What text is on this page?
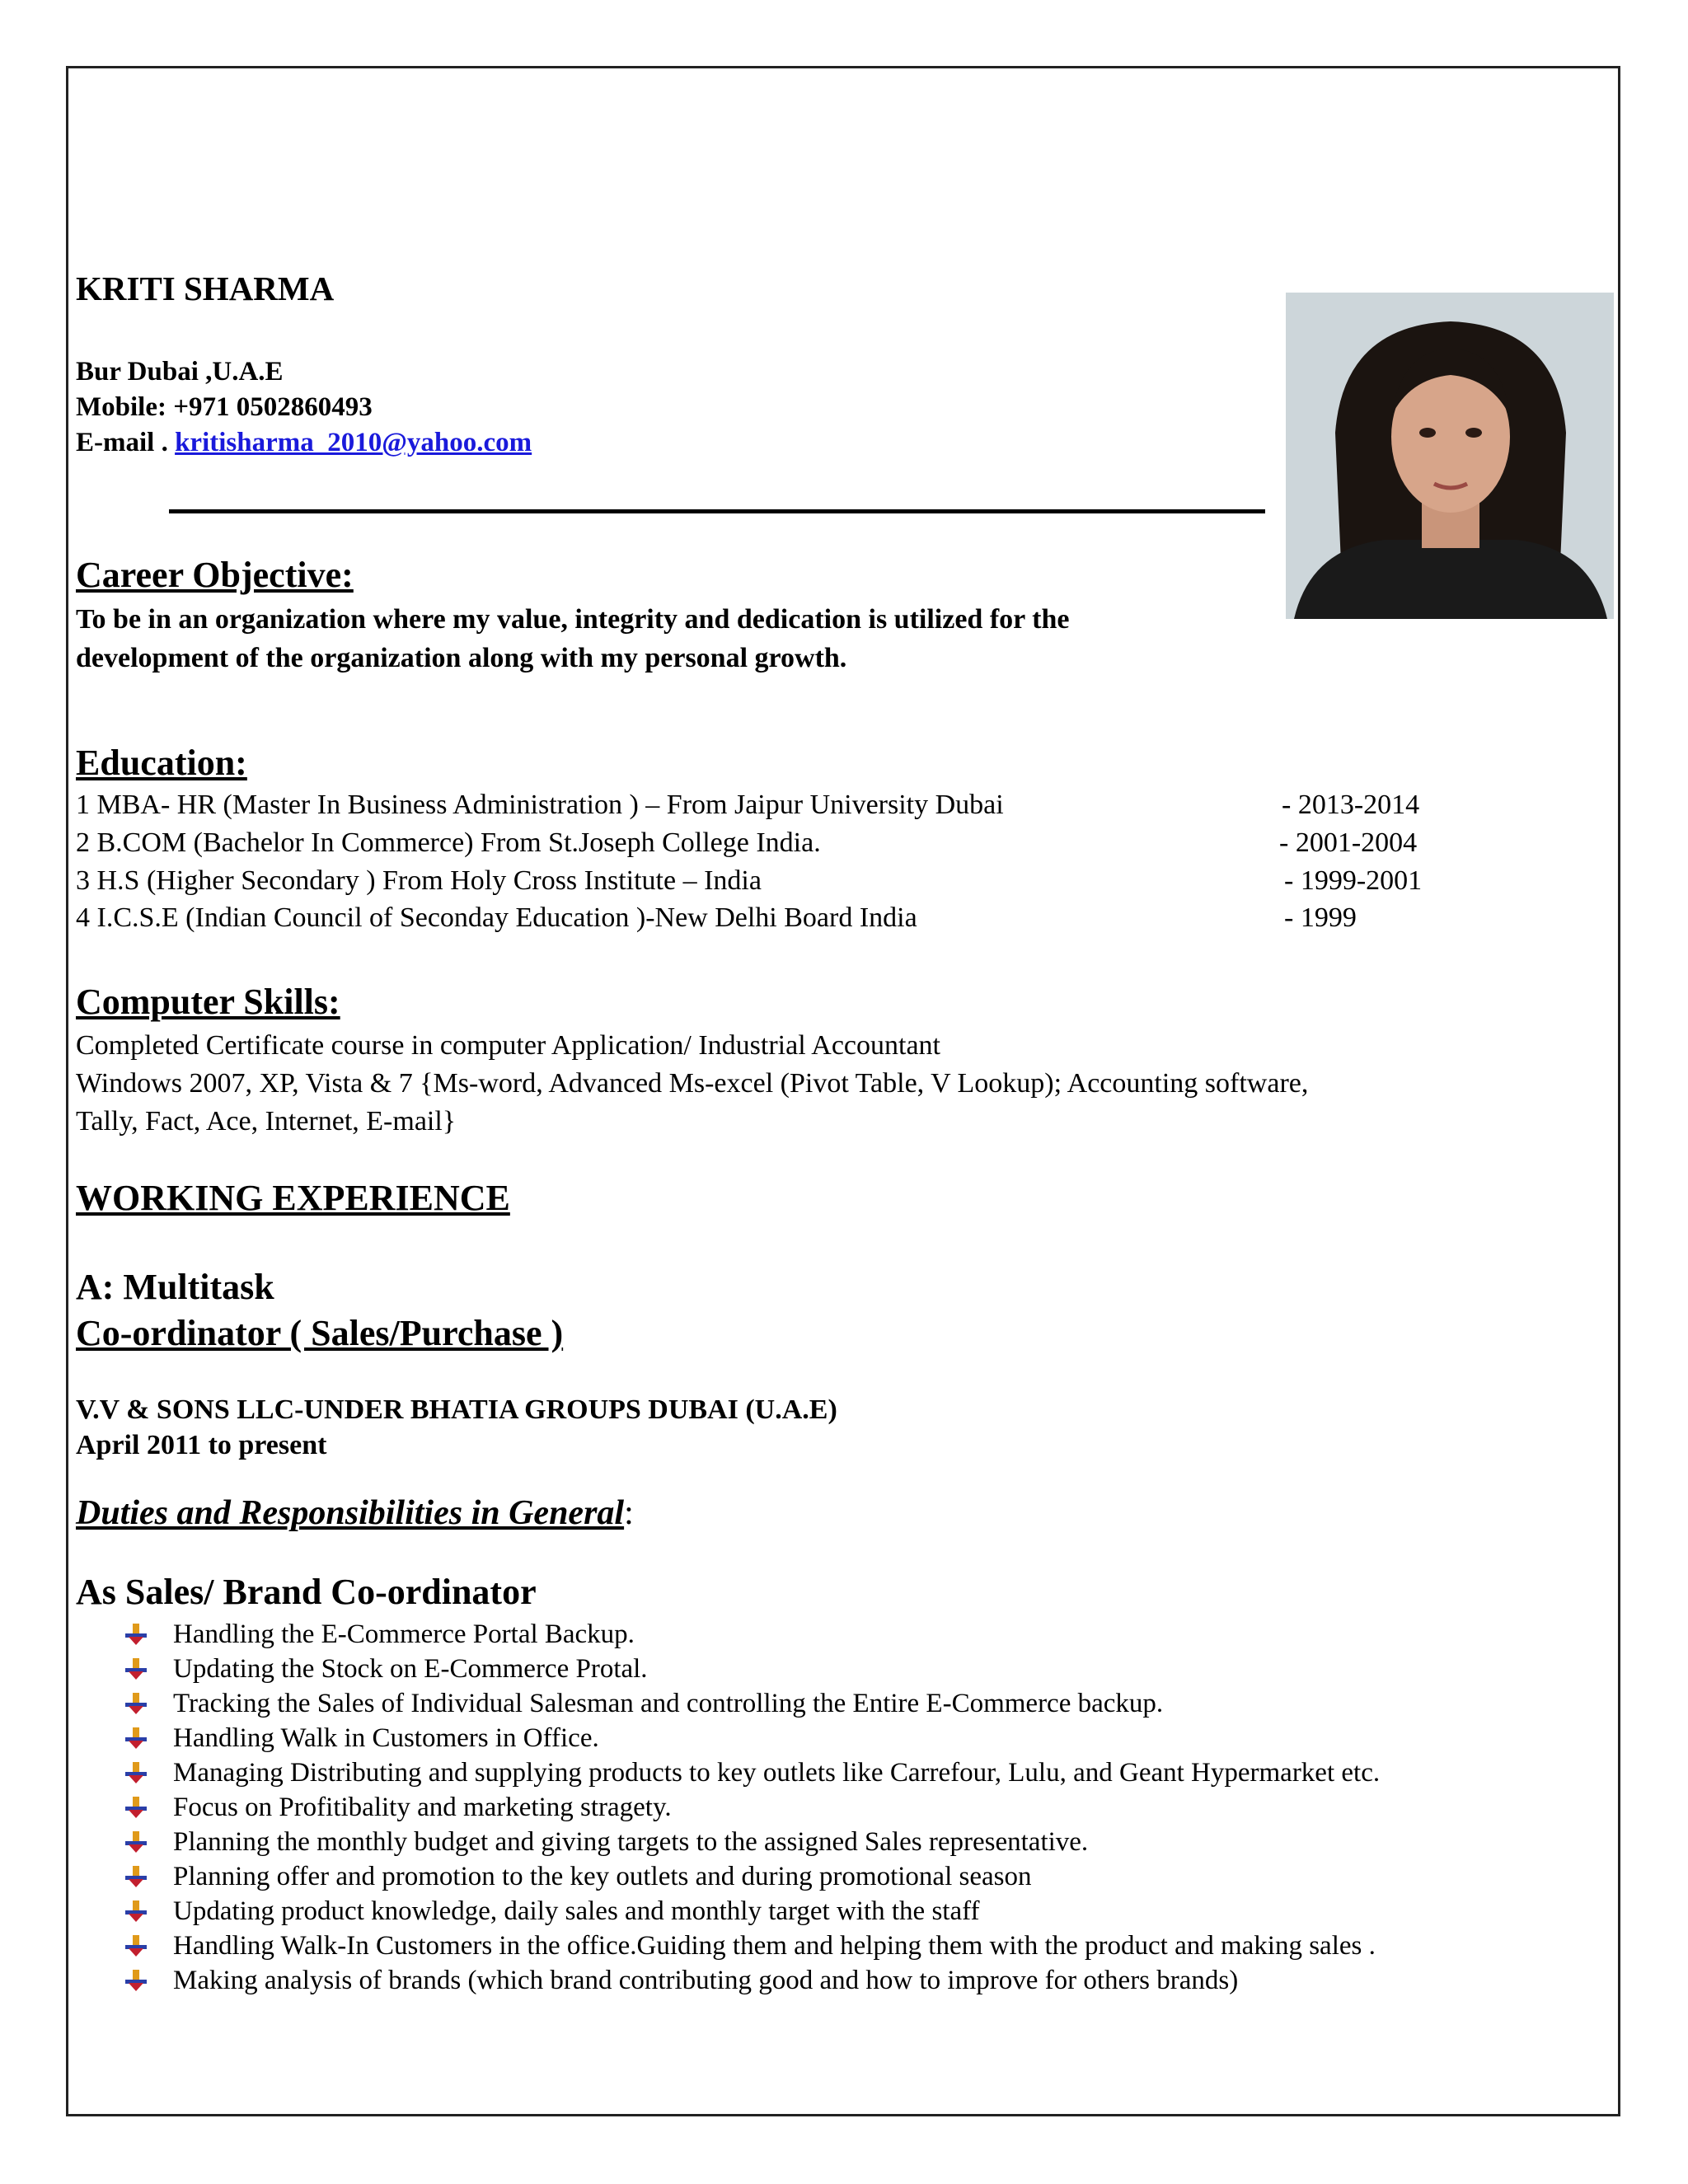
KRITI SHARMA
Bur Dubai ,U.A.E
Mobile: +971 0502860493
E-mail . kritisharma_2010@yahoo.com
Career Objective:
To be in an organization where my value, integrity and dedication is utilized for the
development of the organization along with my personal growth.
Education:
1 MBA- HR (Master In Business Administration ) – From Jaipur University Dubai	- 2013-2014
2 B.COM (Bachelor In Commerce) From St.Joseph College India.	- 2001-2004
3 H.S (Higher Secondary ) From Holy Cross Institute – India	- 1999-2001
4 I.C.S.E (Indian Council of Seconday Education )-New Delhi Board India	- 1999
Computer Skills:
Completed Certificate course in computer Application/ Industrial Accountant
Windows 2007, XP, Vista & 7 {Ms-word, Advanced Ms-excel (Pivot Table, V Lookup); Accounting software,
Tally, Fact, Ace, Internet, E-mail}
WORKING EXPERIENCE
A: Multitask
Co-ordinator ( Sales/Purchase )
V.V & SONS LLC-UNDER BHATIA GROUPS DUBAI (U.A.E)
April 2011 to present
Duties and Responsibilities in General:
As Sales/ Brand Co-ordinator
Handling the E-Commerce Portal Backup.
Updating the Stock on E-Commerce Protal.
Tracking the Sales of Individual Salesman and controlling the Entire E-Commerce backup.
Handling Walk in Customers in Office.
Managing Distributing and supplying products to key outlets like Carrefour, Lulu, and Geant Hypermarket etc.
Focus on Profitibality and marketing stragety.
Planning the monthly budget and giving targets to the assigned Sales representative.
Planning offer and promotion to the key outlets and during promotional season
Updating product knowledge, daily sales and monthly target with the staff
Handling Walk-In Customers in the office.Guiding them and helping them with the product and making sales .
Making analysis of brands (which brand contributing good and how to improve for others brands)
